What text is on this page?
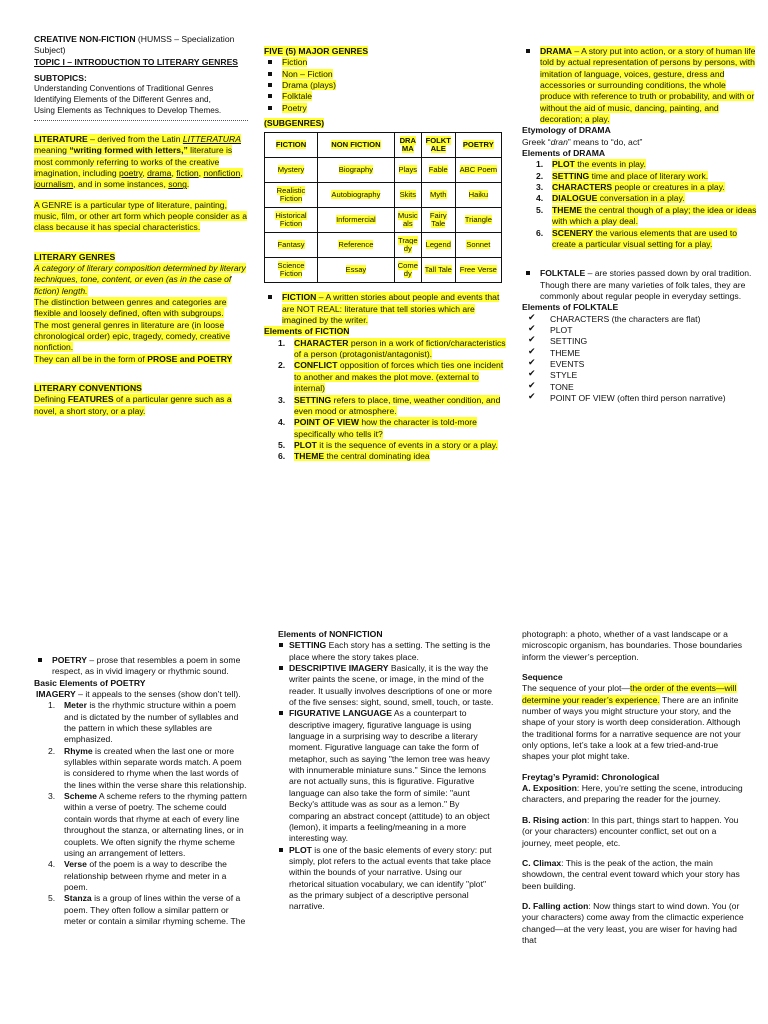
CREATIVE NON-FICTION (HUMSS – Specialization Subject)

TOPIC I – INTRODUCTION TO LITERARY GENRES

SUBTOPICS:

Understanding Conventions of Traditional Genres

Identifying Elements of the Different Genres and,

Using Elements as Techniques to Develop Themes.

LITERATURE – derived from the Latin LITTERATURA meaning “writing formed with letters,” literature is most commonly referring to works of the creative imagination, including poetry, drama, fiction, nonfiction, journalism, and in some instances, song.

A GENRE is a particular type of literature, painting, music, film, or other art form which people consider as a class because it has special characteristics.

LITERARY GENRES

A category of literary composition determined by literary techniques, tone, content, or even (as in the case of fiction) length.

The distinction between genres and categories are flexible and loosely defined, often with subgroups.

The most general genres in literature are (in loose chronological order) epic, tragedy, comedy, creative nonfiction.

They can all be in the form of PROSE and POETRY

LITERARY CONVENTIONS

Defining FEATURES of a particular genre such as a novel, a short story, or a play.

FIVE (5) MAJOR GENRES

Fiction
Non – Fiction
Drama (plays)
Folktale
Poetry

(SUBGENRES)

FICTION	NON FICTION	DRA MA	FOLKT ALE	POETRY
Mystery	Biography	Plays	Fable	ABC Poem
Realistic Fiction	Autobiography	Skits	Myth	Haiku
Historical Fiction	Informercial	Music als	Fairy Tale	Triangle
Fantasy	Reference	Trage dy	Legend	Sonnet
Science Fiction	Essay	Come dy	Tall Tale	Free Verse
FICTION – A written stories about people and events that are NOT REAL: literature that tell stories which are imagined by the writer.

Elements of FICTION

1. CHARACTER person in a work of fiction/characteristics of a person (protagonist/antagonist).
2. CONFLICT opposition of forces which ties one incident to another and makes the plot move. (external to internal)
3. SETTING refers to place, time, weather condition, and even mood or atmosphere.
4. POINT OF VIEW how the character is told-more specifically who tells it?
5. PLOT it is the sequence of events in a story or a play.
6. THEME the central dominating idea
DRAMA – A story put into action, or a story of human life told by actual representation of persons by persons, with imitation of language, voices, gesture, dress and accessories or surrounding conditions, the whole produce with reference to truth or probability, and with or without the aid of music, dancing, painting, and decoration; a play.

Etymology of DRAMA

Greek “dran” means to “do, act”

Elements of DRAMA

1. PLOT the events in play.
2. SETTING time and place of literary work.
3. CHARACTERS people or creatures in a play.
4. DIALOGUE conversation in a play.
5. THEME the central though of a play; the idea or ideas with which a play deal.
6. SCENERY the various elements that are used to create a particular visual setting for a play.
FOLKTALE – are stories passed down by oral tradition. Though there are many varieties of folk tales, they are commonly about regular people in everyday settings.

Elements of FOLKTALE

✔ CHARACTERS (the characters are flat)
✔ PLOT
✔ SETTING
✔ THEME
✔ EVENTS
✔ STYLE
✔ TONE
✔ POINT OF VIEW (often third person narrative)
POETRY – prose that resembles a poem in some respect, as in vivid imagery or rhythmic sound.

Basic Elements of POETRY

IMAGERY – it appeals to the senses (show don’t tell).

1. Meter is the rhythmic structure within a poem and is dictated by the number of syllables and the pattern in which these syllables are emphasized.
2. Rhyme is created when the last one or more syllables within separate words match. A poem is considered to rhyme when the last words of the lines within the verse share this relationship.
3. Scheme A scheme refers to the rhyming pattern within a verse of poetry. The scheme could contain words that rhyme at each of every line throughout the stanza, or alternating lines, or in couplets. We often signify the rhyme scheme using an arrangement of letters.
4. Verse of the poem is a way to describe the relationship between rhyme and meter in a poem.
5. Stanza is a group of lines within the verse of a poem. They often follow a similar pattern or meter or contain a similar rhyming scheme. The

Elements of NONFICTION

SETTING Each story has a setting. The setting is the place where the story takes place.
DESCRIPTIVE IMAGERY Basically, it is the way the writer paints the scene, or image, in the mind of the reader. It usually involves descriptions of one or more of the five senses: sight, sound, smell, touch, or taste.
FIGURATIVE LANGUAGE As a counterpart to descriptive imagery, figurative language is using language in a surprising way to describe a literary moment. Figurative language can take the form of metaphor, such as saying "the lemon tree was heavy with innumerable miniature suns." Since the lemons are not actually suns, this is figurative. Figurative language can also take the form of simile: "aunt Becky's attitude was as sour as a lemon." By comparing an abstract concept (attitude) to an object (lemon), it imparts a feeling/meaning in a more interesting way.
PLOT is one of the basic elements of every story: put simply, plot refers to the actual events that take place within the bounds of your narrative. Using our rhetorical situation vocabulary, we can identify "plot" as the primary subject of a descriptive personal narrative.

photograph: a photo, whether of a vast landscape or a microscopic organism, has boundaries. Those boundaries inform the viewer’s perception.

Sequence

The sequence of your plot—the order of the events—will determine your reader’s experience. There are an infinite number of ways you might structure your story, and the shape of your story is worth deep consideration. Although the traditional forms for a narrative sequence are not your only options, let’s take a look at a few tried-and-true shapes your plot might take.

Freytag’s Pyramid: Chronological

A. Exposition: Here, you’re setting the scene, introducing characters, and preparing the reader for the journey.

B. Rising action: In this part, things start to happen. You (or your characters) encounter conflict, set out on a journey, meet people, etc.

C. Climax: This is the peak of the action, the main showdown, the central event toward which your story has been building.

D. Falling action: Now things start to wind down. You (or your characters) come away from the climactic experience changed—at the very least, you are wiser for having had that
